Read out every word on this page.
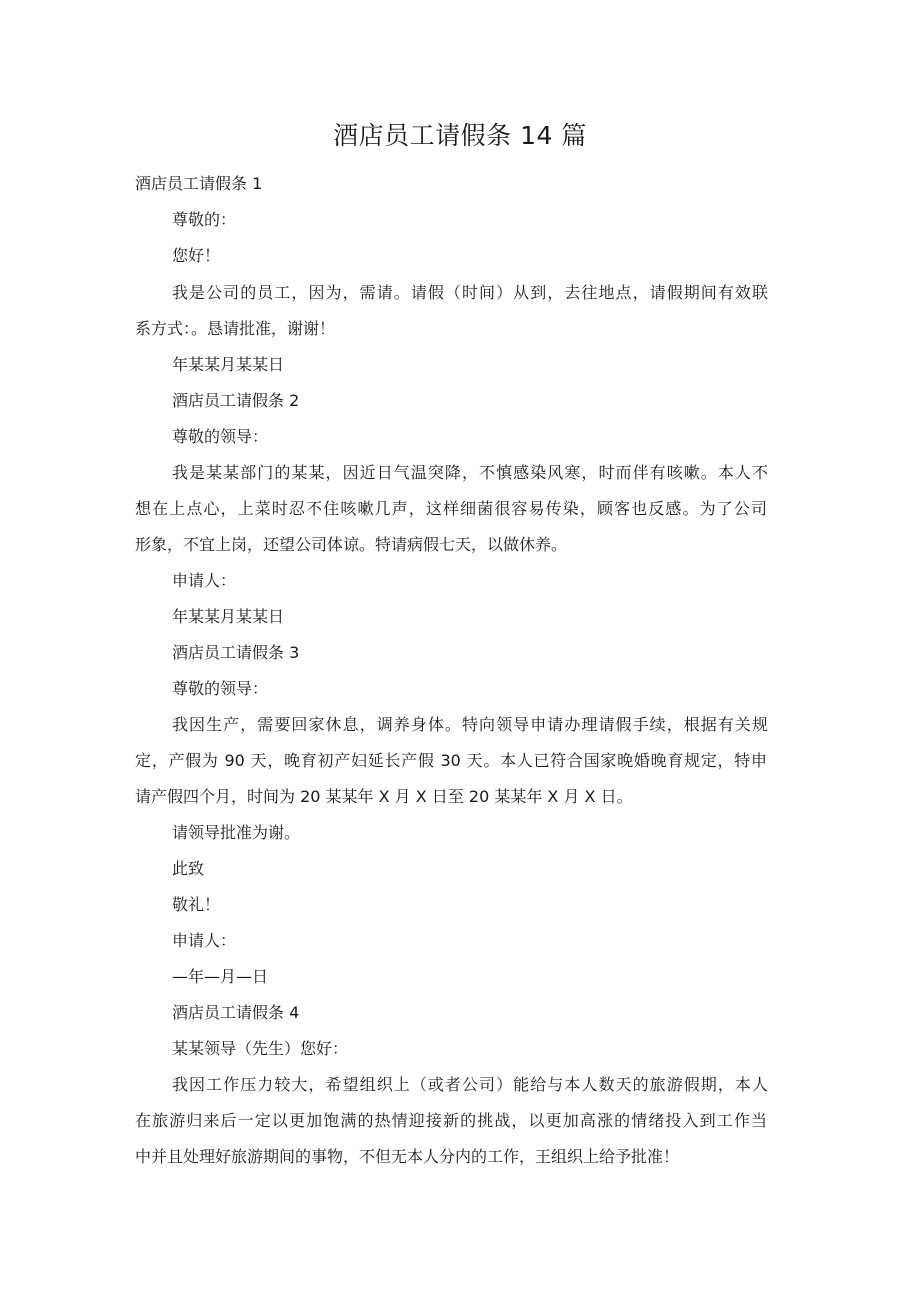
酒店员工请假条 14 篇
酒店员工请假条 1
尊敬的：
您好！
我是公司的员工，因为，需请。请假（时间）从到，去往地点，请假期间有效联
系方式：。恳请批准，谢谢！
年某某月某某日
酒店员工请假条 2
尊敬的领导：
我是某某部门的某某，因近日气温突降，不慎感染风寒，时而伴有咳嗽。本人不
想在上点心，上菜时忍不住咳嗽几声，这样细菌很容易传染，顾客也反感。为了公司
形象，不宜上岗，还望公司体谅。特请病假七天，以做休养。
申请人：
年某某月某某日
酒店员工请假条 3
尊敬的领导：
我因生产，需要回家休息，调养身体。特向领导申请办理请假手续，根据有关规
定，产假为 90 天，晚育初产妇延长产假 30 天。本人已符合国家晚婚晚育规定，特申
请产假四个月，时间为 20 某某年 X 月 X 日至 20 某某年 X 月 X 日。
请领导批准为谢。
此致
敬礼！
申请人：
—年—月—日
酒店员工请假条 4
某某领导（先生）您好：
我因工作压力较大，希望组织上（或者公司）能给与本人数天的旅游假期，本人
在旅游归来后一定以更加饱满的热情迎接新的挑战，以更加高涨的情绪投入到工作当
中并且处理好旅游期间的事物，不但无本人分内的工作，王组织上给予批准！
